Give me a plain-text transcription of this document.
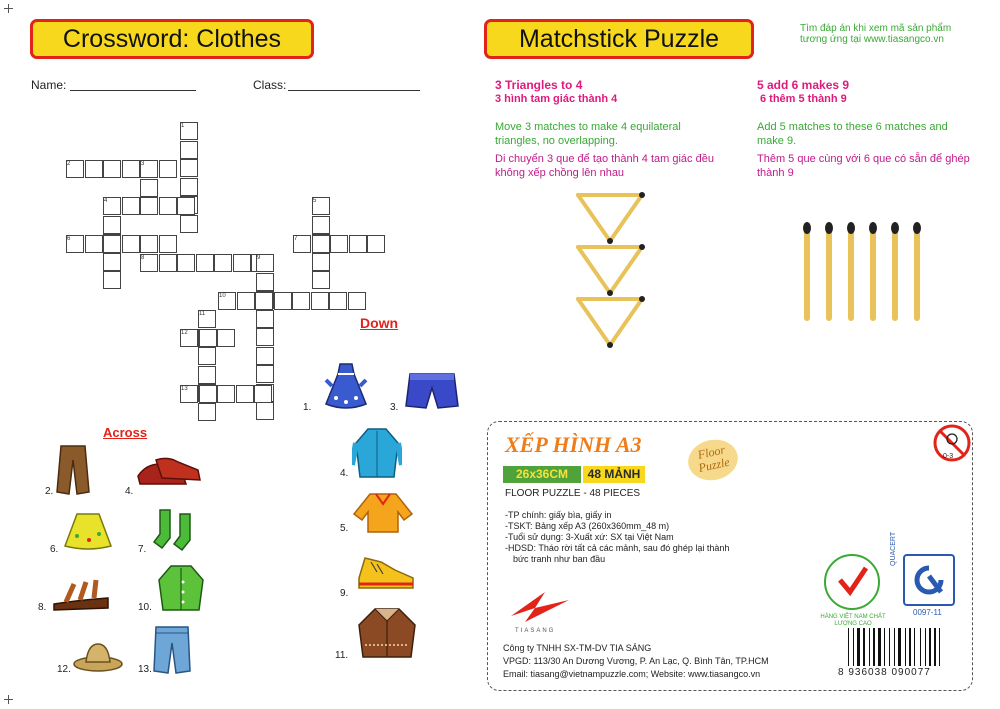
Crossword: Clothes
Name:	Class:
1
2	3
4	5
6	7
8	9
10
11
12
13
Down
Across
1.	3.
4.
5.
9.
11.
2.	4.
6.	7.
8.	10.
12.	13.
Matchstick Puzzle	Tìm đáp án khi xem mã sản phẩm tương ứng tại www.tiasangco.vn
3 Triangles to 4
3 hình tam giác thành 4
Move 3 matches to make 4 equilateral triangles, no overlapping.
Di chuyển 3 que để tạo thành 4 tam giác đều không xếp chồng lên nhau
5 add 6 makes 9
6 thêm 5 thành 9
Add 5 matches to these 6 matches and make 9.
Thêm 5 que cùng với 6 que có sẵn để ghép thành 9
XẾP HÌNH A3	Floor Puzzle
26x36CM	48 MẢNH
FLOOR PUZZLE - 48 PIECES
0-3
-TP chính: giấy bìa, giấy in
-TSKT: Bảng xếp A3 (260x360mm_48 m)
-Tuổi sử dụng: 3-Xuất xứ: SX tại Việt Nam
-HDSD: Tháo rời tất cả các mảnh, sau đó ghép lại thành
bức tranh như ban đầu
HÀNG VIỆT NAM CHẤT LƯỢNG CAO
QUACERT
0097-11
TIASANG
Công ty TNHH SX-TM-DV TIA SÁNG
VPGD: 113/30 An Dương Vương, P. An Lạc, Q. Bình Tân, TP.HCM
Email: tiasang@vietnampuzzle.com; Website: www.tiasangco.vn	8 936038 090077
